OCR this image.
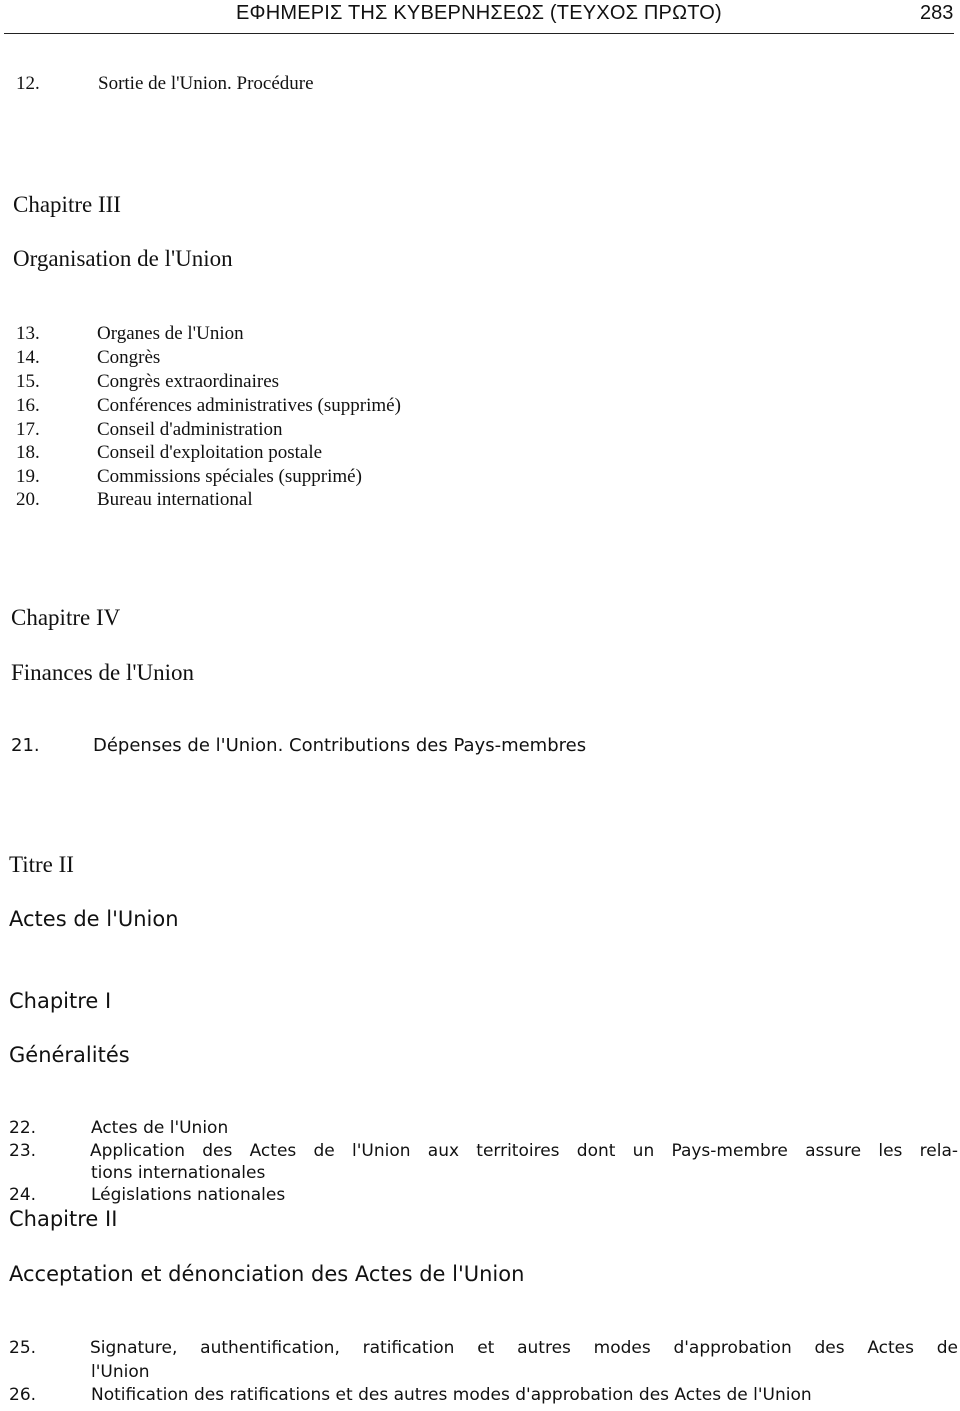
ΕΦΗΜΕΡΙΣ ΤΗΣ ΚΥΒΕΡΝΗΣΕΩΣ (ΤΕΥΧΟΣ ΠΡΩΤΟ)	283
12.	Sortie de l'Union. Procédure
Chapitre III
Organisation de l'Union
13.	Organes de l'Union
14.	Congrès
15.	Congrès extraordinaires
16.	Conférences administratives (supprimé)
17.	Conseil d'administration
18.	Conseil d'exploitation postale
19.	Commissions spéciales (supprimé)
20.	Bureau international
Chapitre IV
Finances de l'Union
21.	Dépenses de l'Union. Contributions des Pays-membres
Titre II
Actes de l'Union
Chapitre I
Généralités
22.	Actes de l'Union
23.	Application des Actes de l'Union aux territoires dont un Pays-membre assure les rela-
tions internationales
24.	Législations nationales
Chapitre II
Acceptation et dénonciation des Actes de l'Union
25.	Signature, authentification, ratification et autres modes d'approbation des Actes de
l'Union
26.	Notification des ratifications et des autres modes d'approbation des Actes de l'Union
